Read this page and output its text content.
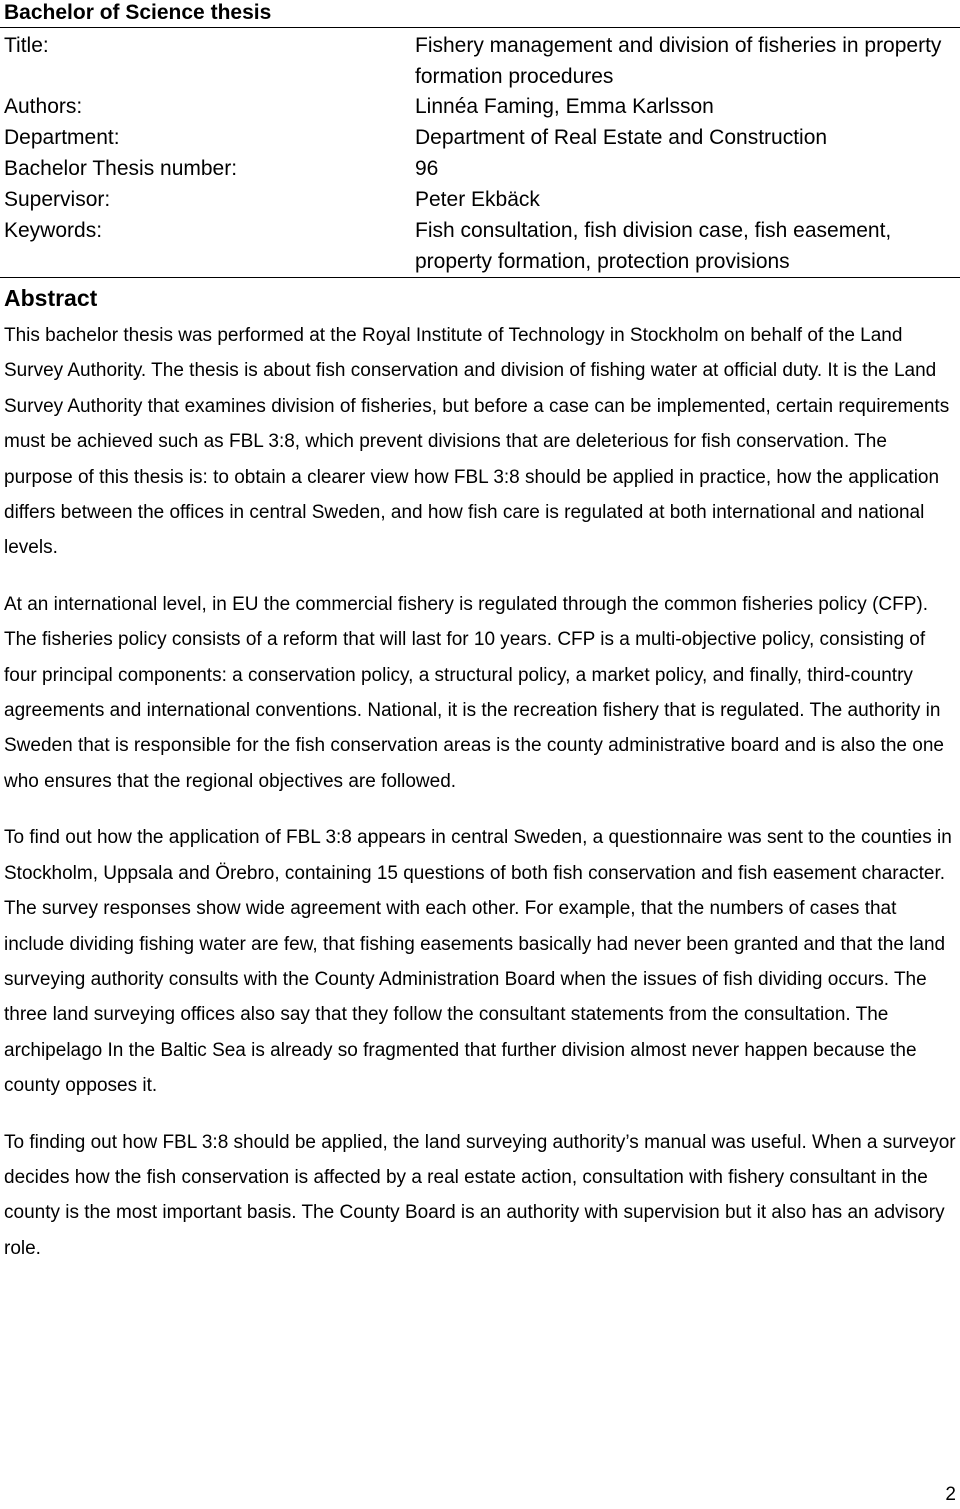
Bachelor of Science thesis
Title:	Fishery management and division of fisheries in property formation procedures
Authors:	Linnéa Faming, Emma Karlsson
Department:	Department of Real Estate and Construction
Bachelor Thesis number:	96
Supervisor:	Peter Ekbäck
Keywords:	Fish consultation, fish division case, fish easement, property formation, protection provisions
Abstract

This bachelor thesis was performed at the Royal Institute of Technology in Stockholm on behalf of the Land Survey Authority. The thesis is about fish conservation and division of fishing water at official duty. It is the Land Survey Authority that examines division of fisheries, but before a case can be implemented, certain requirements must be achieved such as FBL 3:8, which prevent divisions that are deleterious for fish conservation. The purpose of this thesis is: to obtain a clearer view how FBL 3:8 should be applied in practice, how the application differs between the offices in central Sweden, and how fish care is regulated at both international and national levels.

At an international level, in EU the commercial fishery is regulated through the common fisheries policy (CFP). The fisheries policy consists of a reform that will last for 10 years. CFP is a multi-objective policy, consisting of four principal components: a conservation policy, a structural policy, a market policy, and finally, third-country agreements and international conventions. National, it is the recreation fishery that is regulated. The authority in Sweden that is responsible for the fish conservation areas is the county administrative board and is also the one who ensures that the regional objectives are followed.

To find out how the application of FBL 3:8 appears in central Sweden, a questionnaire was sent to the counties in Stockholm, Uppsala and Örebro, containing 15 questions of both fish conservation and fish easement character. The survey responses show wide agreement with each other. For example, that the numbers of cases that include dividing fishing water are few, that fishing easements basically had never been granted and that the land surveying authority consults with the County Administration Board when the issues of fish dividing occurs. The three land surveying offices also say that they follow the consultant statements from the consultation. The archipelago In the Baltic Sea is already so fragmented that further division almost never happen because the county opposes it.

To finding out how FBL 3:8 should be applied, the land surveying authority’s manual was useful. When a surveyor decides how the fish conservation is affected by a real estate action, consultation with fishery consultant in the county is the most important basis. The County Board is an authority with supervision but it also has an advisory role.

2
